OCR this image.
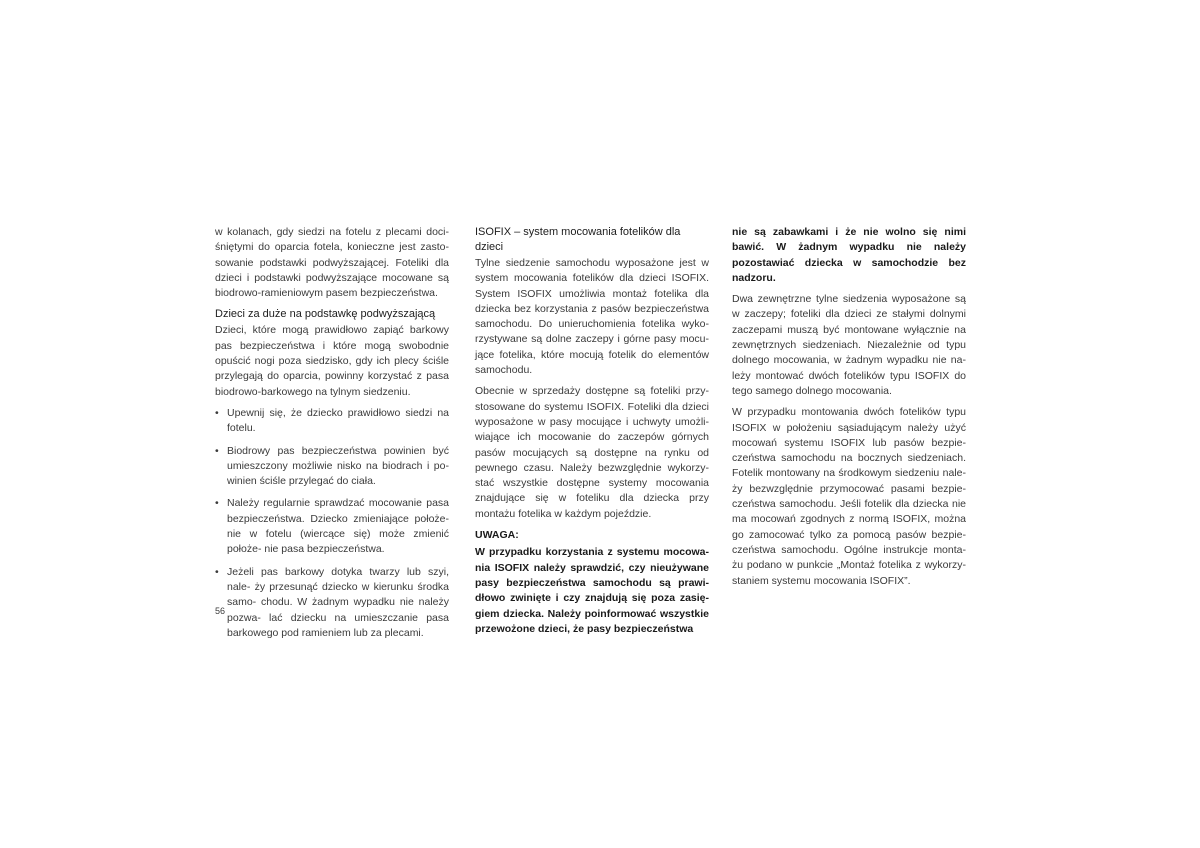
w kolanach, gdy siedzi na fotelu z plecami doci- śniętymi do oparcia fotela, konieczne jest zasto- sowanie podstawki podwyższającej. Foteliki dla dzieci i podstawki podwyższające mocowane są biodrowo-ramieniowym pasem bezpieczeństwa.

Dzieci za duże na podstawkę podwyższającą

Dzieci, które mogą prawidłowo zapiąć barkowy pas bezpieczeństwa i które mogą swobodnie opuścić nogi poza siedzisko, gdy ich plecy ściśle przylegają do oparcia, powinny korzystać z pasa biodrowo-barkowego na tylnym siedzeniu.

• Upewnij się, że dziecko prawidłowo siedzi na fotelu.
• Biodrowy pas bezpieczeństwa powinien być umieszczony możliwie nisko na biodrach i po- winien ściśle przylegać do ciała.
• Należy regularnie sprawdzać mocowanie pasa bezpieczeństwa. Dziecko zmieniające położe- nie w fotelu (wiercące się) może zmienić położe- nie pasa bezpieczeństwa.
• Jeżeli pas barkowy dotyka twarzy lub szyi, nale- ży przesunąć dziecko w kierunku środka samo- chodu. W żadnym wypadku nie należy pozwa- lać dziecku na umieszczanie pasa barkowego pod ramieniem lub za plecami.

ISOFIX – system mocowania fotelików dla dzieci

Tylne siedzenie samochodu wyposażone jest w system mocowania fotelików dla dzieci ISOFIX. System ISOFIX umożliwia montaż fotelika dla dziecka bez korzystania z pasów bezpieczeństwa samochodu. Do unieruchomienia fotelika wyko- rzystywane są dolne zaczepy i górne pasy mocu- jące fotelika, które mocują fotelik do elementów samochodu.

Obecnie w sprzedaży dostępne są foteliki przy- stosowane do systemu ISOFIX. Foteliki dla dzieci wyposażone w pasy mocujące i uchwyty umożli- wiające ich mocowanie do zaczepów górnych pasów mocujących są dostępne na rynku od pewnego czasu. Należy bezwzględnie wykorzy- stać wszystkie dostępne systemy mocowania znajdujące się w foteliku dla dziecka przy montażu fotelika w każdym pojeździe.

UWAGA:

W przypadku korzystania z systemu mocowa- nia ISOFIX należy sprawdzić, czy nieużywane pasy bezpieczeństwa samochodu są prawi- dłowo zwinięte i czy znajdują się poza zasię- giem dziecka. Należy poinformować wszystkie przewożone dzieci, że pasy bezpieczeństwa

nie są zabawkami i że nie wolno się nimi bawić. W żadnym wypadku nie należy pozostawiać dziecka w samochodzie bez nadzoru.

Dwa zewnętrzne tylne siedzenia wyposażone są w zaczepy; foteliki dla dzieci ze stałymi dolnymi zaczepami muszą być montowane wyłącznie na zewnętrznych siedzeniach. Niezależnie od typu dolnego mocowania, w żadnym wypadku nie na- leży montować dwóch fotelików typu ISOFIX do tego samego dolnego mocowania.

W przypadku montowania dwóch fotelików typu ISOFIX w położeniu sąsiadującym należy użyć mocowań systemu ISOFIX lub pasów bezpie- czeństwa samochodu na bocznych siedzeniach. Fotelik montowany na środkowym siedzeniu nale- ży bezwzględnie przymocować pasami bezpie- czeństwa samochodu. Jeśli fotelik dla dziecka nie ma mocowań zgodnych z normą ISOFIX, można go zamocować tylko za pomocą pasów bezpie- czeństwa samochodu. Ogólne instrukcje monta- żu podano w punkcie „Montaż fotelika z wykorzy- staniem systemu mocowania ISOFIX”.

56
